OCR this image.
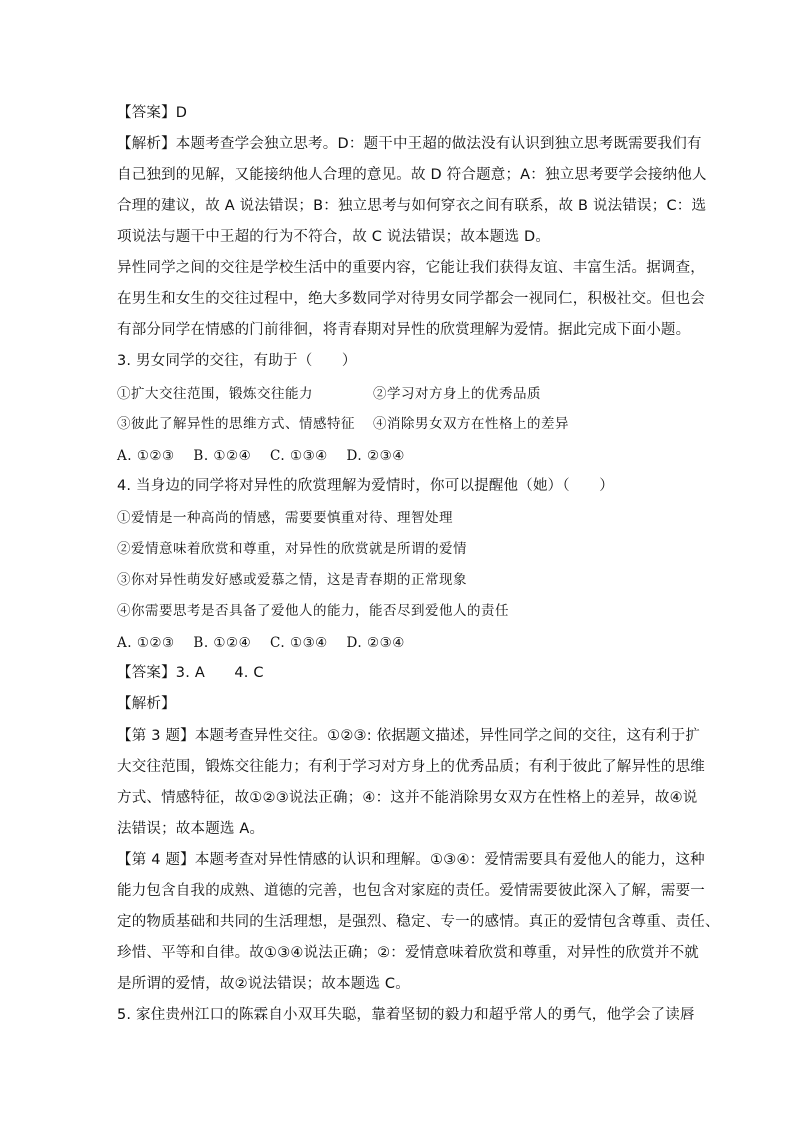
【答案】D
【解析】本题考查学会独立思考。D：题干中王超的做法没有认识到独立思考既需要我们有
自己独到的见解，又能接纳他人合理的意见。故 D 符合题意；A：独立思考要学会接纳他人
合理的建议，故 A 说法错误；B：独立思考与如何穿衣之间有联系，故 B 说法错误；C：选
项说法与题干中王超的行为不符合，故 C 说法错误；故本题选 D。
异性同学之间的交往是学校生活中的重要内容，它能让我们获得友谊、丰富生活。据调查，
在男生和女生的交往过程中，绝大多数同学对待男女同学都会一视同仁，积极社交。但也会
有部分同学在情感的门前徘徊，将青春期对异性的欣赏理解为爱情。据此完成下面小题。
3. 男女同学的交往，有助于（　　）
①扩大交往范围，锻炼交往能力	②学习对方身上的优秀品质
③彼此了解异性的思维方式、情感特征 ④消除男女双方在性格上的差异
A. ①②③　 B. ①②④　 C. ①③④　 D. ②③④
4. 当身边的同学将对异性的欣赏理解为爱情时，你可以提醒他（她）（　　）
①爱情是一种高尚的情感，需要要慎重对待、理智处理
②爱情意味着欣赏和尊重，对异性的欣赏就是所谓的爱情
③你对异性萌发好感或爱慕之情，这是青春期的正常现象
④你需要思考是否具备了爱他人的能力，能否尽到爱他人的责任
A. ①②③　 B. ①②④　 C. ①③④　 D. ②③④
【答案】3. A　　4. C
【解析】
【第 3 题】本题考查异性交往。①②③: 依据题文描述，异性同学之间的交往，这有利于扩
大交往范围，锻炼交往能力；有利于学习对方身上的优秀品质；有利于彼此了解异性的思维
方式、情感特征，故①②③说法正确；④：这并不能消除男女双方在性格上的差异，故④说
法错误；故本题选 A。
【第 4 题】本题考查对异性情感的认识和理解。①③④：爱情需要具有爱他人的能力，这种
能力包含自我的成熟、道德的完善，也包含对家庭的责任。爱情需要彼此深入了解，需要一
定的物质基础和共同的生活理想，是强烈、稳定、专一的感情。真正的爱情包含尊重、责任、
珍惜、平等和自律。故①③④说法正确；②：爱情意味着欣赏和尊重，对异性的欣赏并不就
是所谓的爱情，故②说法错误；故本题选 C。
5. 家住贵州江口的陈霖自小双耳失聪，靠着坚韧的毅力和超乎常人的勇气，他学会了读唇
